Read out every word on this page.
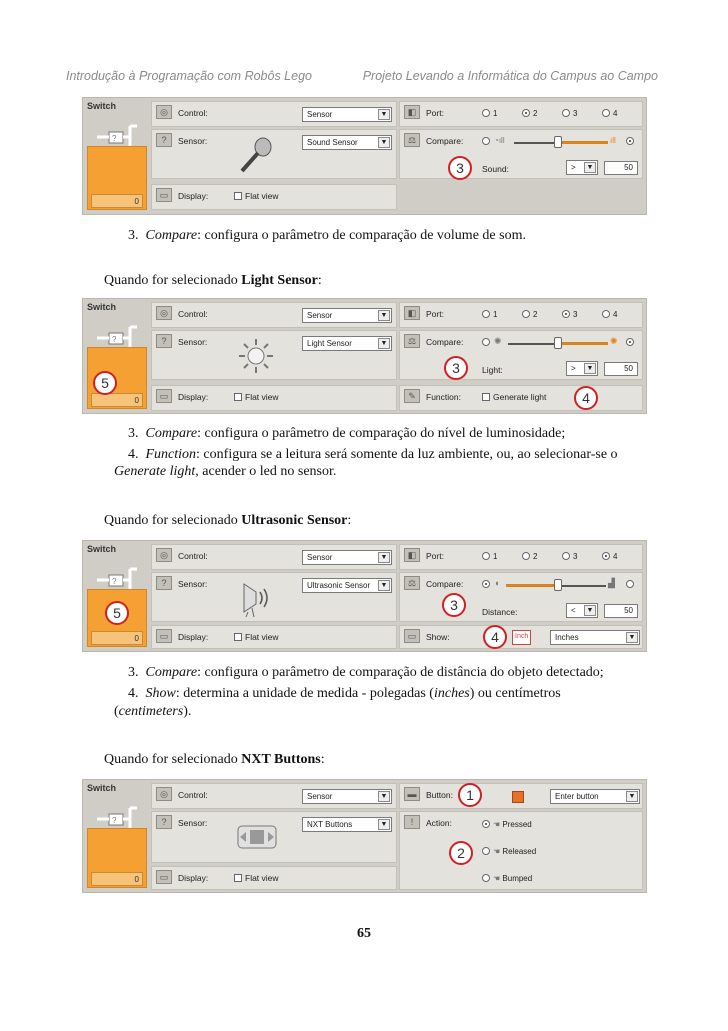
Introdução à Programação com Robôs Lego	Projeto Levando a Informática do Campus ao Campo
Switch
?
0
◎	Control:	Sensor	▼
?	Sensor:	Sound Sensor	▼
▭	Display:	Flat view
◧	Port:	1	2	3	4
⚖	Compare:	◔ıll	ıll
Sound:	>	▼	50
3
3. Compare: configura o parâmetro de comparação de volume de som.
Quando for selecionado Light Sensor:
Switch
?
0
5
◎	Control:	Sensor	▼
?	Sensor:	Light Sensor	▼
▭	Display:	Flat view
◧	Port:	1	2	3	4
⚖	Compare:	✺	✺
Light:	>	▼	50
✎	Function:	Generate light
3
4
3. Compare: configura o parâmetro de comparação do nível de luminosidade;
4. Function: configura se a leitura será somente da luz ambiente, ou, ao selecionar-se o
Generate light, acender o led no sensor.
Quando for selecionado Ultrasonic Sensor:
Switch
?
0
5
◎	Control:	Sensor	▼
?	Sensor:	Ultrasonic Sensor	▼
▭	Display:	Flat view
◧	Port:	1	2	3	4
⚖	Compare:	◖	▟
Distance:	<	▼	50
▭	Show:	Inch	Inches	▼
3
4
3. Compare: configura o parâmetro de comparação de distância do objeto detectado;
4. Show: determina a unidade de medida - polegadas (inches) ou centímetros
(centimeters).
Quando for selecionado NXT Buttons:
Switch
?
0
◎	Control:	Sensor	▼
?	Sensor:	NXT Buttons	▼
▭	Display:	Flat view
▬	Button:	Enter button	▼
!	Action:	☚ Pressed
☚ Released
☚ Bumped
1
2
65
